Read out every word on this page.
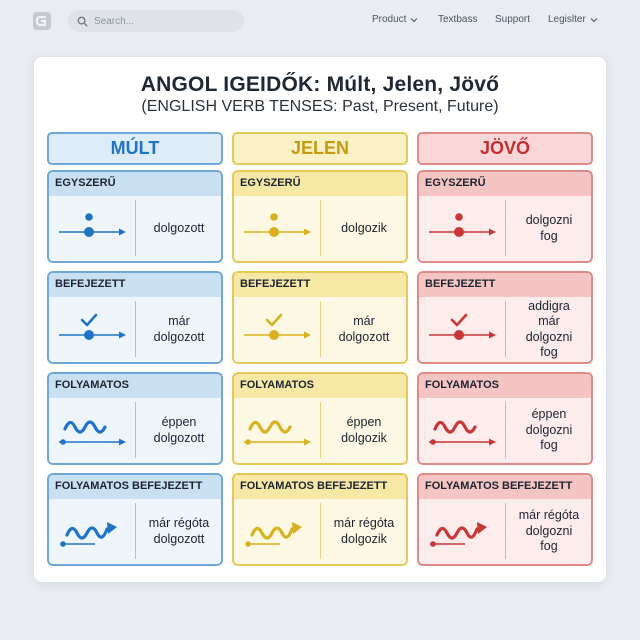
Search...
Product	Textbass Support Legislter
ANGOL IGEIDŐK: Múlt, Jelen, Jövő
(ENGLISH VERB TENSES: Past, Present, Future)
MÚLT
EGYSZERŰ
dolgozott
BEFEJEZETT
már
dolgozott
FOLYAMATOS
éppen
dolgozott
FOLYAMATOS BEFEJEZETT
már régóta
dolgozott
JELEN
EGYSZERŰ
dolgozik
BEFEJEZETT
már
dolgozott
FOLYAMATOS
éppen
dolgozik
FOLYAMATOS BEFEJEZETT
már régóta
dolgozik
JÖVŐ
EGYSZERŰ
dolgozni
fog
BEFEJEZETT
addigra
már
dolgozni
fog
FOLYAMATOS
éppen
dolgozni
fog
FOLYAMATOS BEFEJEZETT
már régóta
dolgozni
fog
